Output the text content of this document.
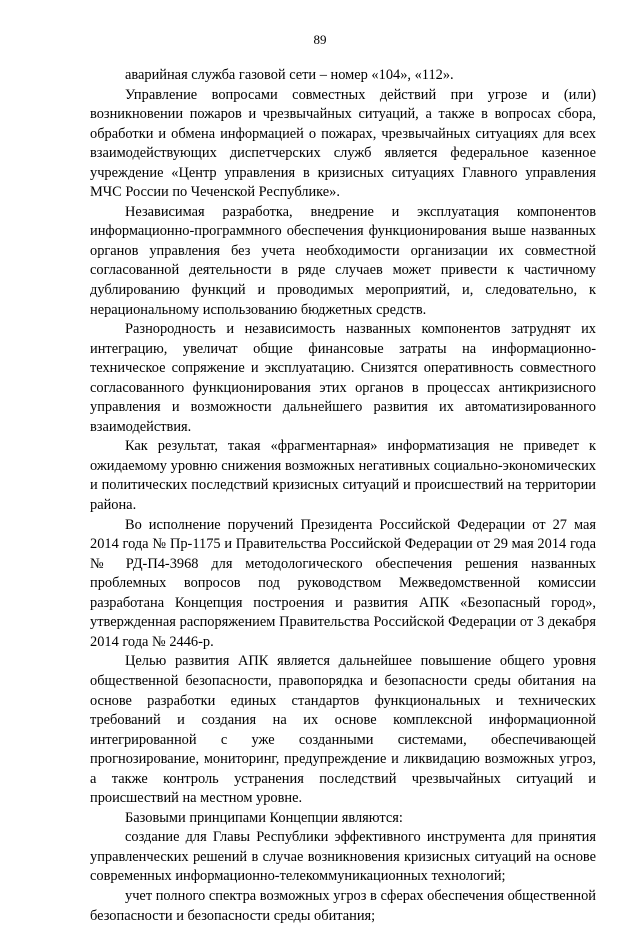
89

аварийная служба газовой сети – номер «104», «112».

Управление вопросами совместных действий при угрозе и (или) возникновении пожаров и чрезвычайных ситуаций, а также в вопросах сбора, обработки и обмена информацией о пожарах, чрезвычайных ситуациях для всех взаимодействующих диспетчерских служб является федеральное казенное учреждение «Центр управления в кризисных ситуациях Главного управления МЧС России по Чеченской Республике».

Независимая разработка, внедрение и эксплуатация компонентов информационно-программного обеспечения функционирования выше названных органов управления без учета необходимости организации их совместной согласованной деятельности в ряде случаев может привести к частичному дублированию функций и проводимых мероприятий, и, следовательно, к нерациональному использованию бюджетных средств.

Разнородность и независимость названных компонентов затруднят их интеграцию, увеличат общие финансовые затраты на информационно-техническое сопряжение и эксплуатацию. Снизятся оперативность совместного согласованного функционирования этих органов в процессах антикризисного управления и возможности дальнейшего развития их автоматизированного взаимодействия.

Как результат, такая «фрагментарная» информатизация не приведет к ожидаемому уровню снижения возможных негативных социально-экономических и политических последствий кризисных ситуаций и происшествий на территории района.

Во исполнение поручений Президента Российской Федерации от 27 мая 2014 года № Пр-1175 и Правительства Российской Федерации от 29 мая 2014 года № РД-П4-3968 для методологического обеспечения решения названных проблемных вопросов под руководством Межведомственной комиссии разработана Концепция построения и развития АПК «Безопасный город», утвержденная распоряжением Правительства Российской Федерации от 3 декабря 2014 года № 2446-р.

Целью развития АПК является дальнейшее повышение общего уровня общественной безопасности, правопорядка и безопасности среды обитания на основе разработки единых стандартов функциональных и технических требований и создания на их основе комплексной информационной интегрированной с уже созданными системами, обеспечивающей прогнозирование, мониторинг, предупреждение и ликвидацию возможных угроз, а также контроль устранения последствий чрезвычайных ситуаций и происшествий на местном уровне.

Базовыми принципами Концепции являются:

создание для Главы Республики эффективного инструмента для принятия управленческих решений в случае возникновения кризисных ситуаций на основе современных информационно-телекоммуникационных технологий;

учет полного спектра возможных угроз в сферах обеспечения общественной безопасности и безопасности среды обитания;
